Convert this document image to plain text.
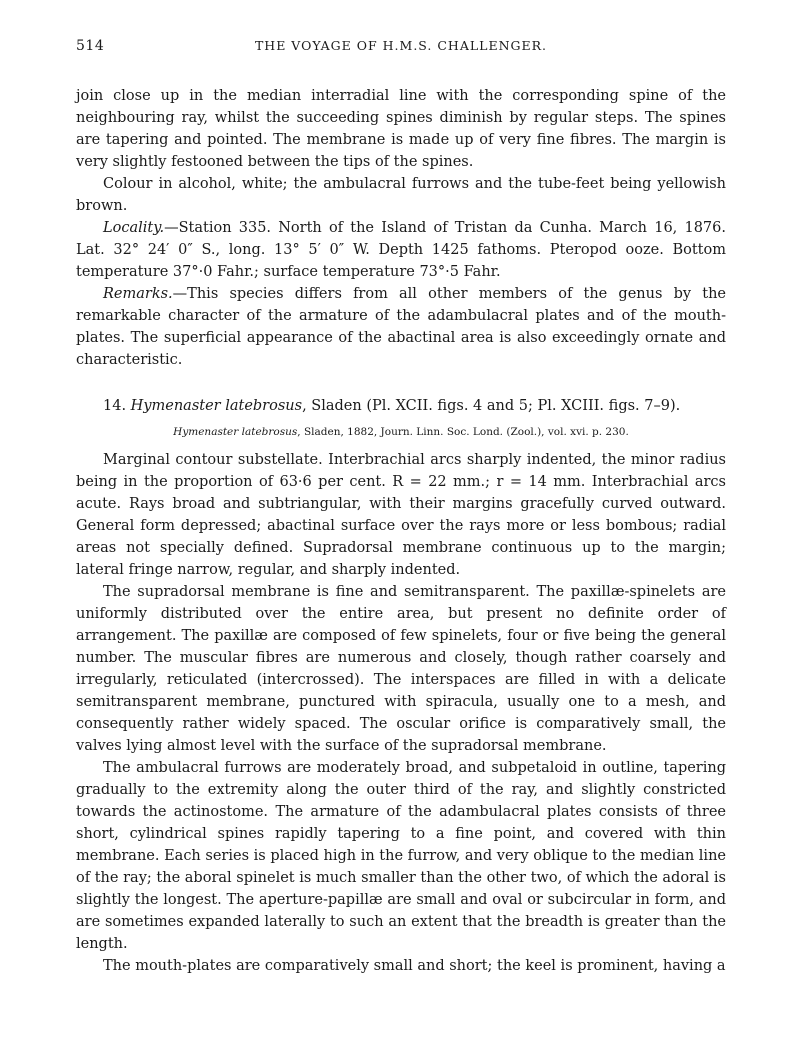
514	THE VOYAGE OF H.M.S. CHALLENGER.

join close up in the median interradial line with the corresponding spine of the neighbouring ray, whilst the succeeding spines diminish by regular steps. The spines are tapering and pointed. The membrane is made up of very fine fibres. The margin is very slightly festooned between the tips of the spines.

Colour in alcohol, white; the ambulacral furrows and the tube-feet being yellowish brown.

Locality.—Station 335. North of the Island of Tristan da Cunha. March 16, 1876. Lat. 32° 24′ 0″ S., long. 13° 5′ 0″ W. Depth 1425 fathoms. Pteropod ooze. Bottom temperature 37°·0 Fahr.; surface temperature 73°·5 Fahr.

Remarks.—This species differs from all other members of the genus by the remarkable character of the armature of the adambulacral plates and of the mouth-plates. The superficial appearance of the abactinal area is also exceedingly ornate and characteristic.

14. Hymenaster latebrosus, Sladen (Pl. XCII. figs. 4 and 5; Pl. XCIII. figs. 7–9).

Hymenaster latebrosus, Sladen, 1882, Journ. Linn. Soc. Lond. (Zool.), vol. xvi. p. 230.

Marginal contour substellate. Interbrachial arcs sharply indented, the minor radius being in the proportion of 63·6 per cent. R = 22 mm.; r = 14 mm. Interbrachial arcs acute. Rays broad and subtriangular, with their margins gracefully curved outward. General form depressed; abactinal surface over the rays more or less bombous; radial areas not specially defined. Supradorsal membrane continuous up to the margin; lateral fringe narrow, regular, and sharply indented.

The supradorsal membrane is fine and semitransparent. The paxillæ-spinelets are uniformly distributed over the entire area, but present no definite order of arrangement. The paxillæ are composed of few spinelets, four or five being the general number. The muscular fibres are numerous and closely, though rather coarsely and irregularly, reticulated (intercrossed). The interspaces are filled in with a delicate semitransparent membrane, punctured with spiracula, usually one to a mesh, and consequently rather widely spaced. The oscular orifice is comparatively small, the valves lying almost level with the surface of the supradorsal membrane.

The ambulacral furrows are moderately broad, and subpetaloid in outline, tapering gradually to the extremity along the outer third of the ray, and slightly constricted towards the actinostome. The armature of the adambulacral plates consists of three short, cylindrical spines rapidly tapering to a fine point, and covered with thin membrane. Each series is placed high in the furrow, and very oblique to the median line of the ray; the aboral spinelet is much smaller than the other two, of which the adoral is slightly the longest. The aperture-papillæ are small and oval or subcircular in form, and are sometimes expanded laterally to such an extent that the breadth is greater than the length.

The mouth-plates are comparatively small and short; the keel is prominent, having a
